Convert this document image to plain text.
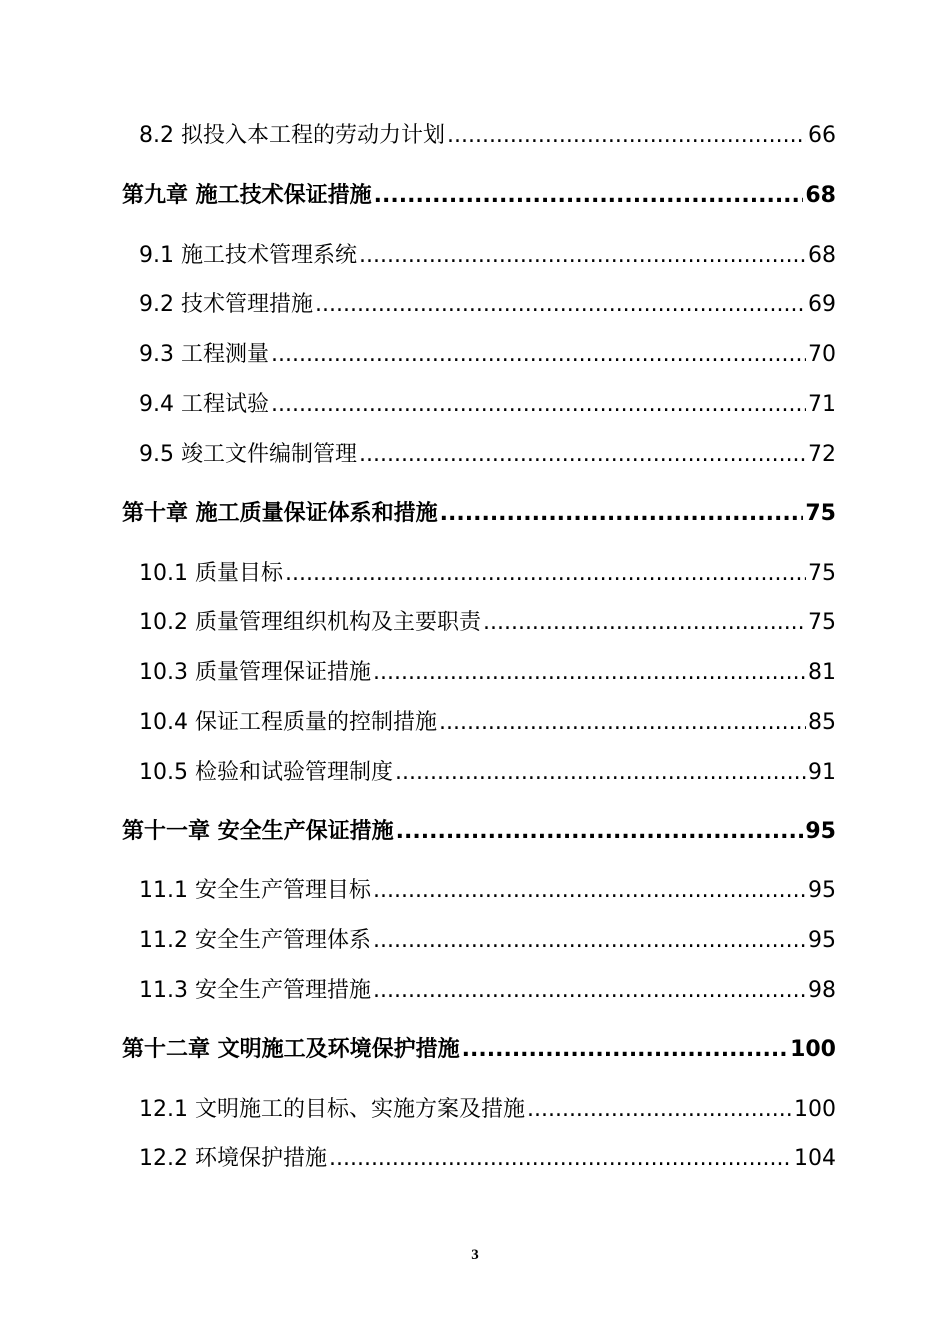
8.2 拟投入本工程的劳动力计划 .....	66
第九章 施工技术保证措施 .....	68
9.1 施工技术管理系统 .....	68
9.2 技术管理措施 .....	69
9.3 工程测量 .....	70
9.4 工程试验 .....	71
9.5 竣工文件编制管理 .....	72
第十章 施工质量保证体系和措施 .....	75
10.1 质量目标 .....	75
10.2 质量管理组织机构及主要职责 .....	75
10.3 质量管理保证措施 .....	81
10.4 保证工程质量的控制措施 .....	85
10.5 检验和试验管理制度 .....	91
第十一章 安全生产保证措施 .....	95
11.1 安全生产管理目标 .....	95
11.2 安全生产管理体系 .....	95
11.3 安全生产管理措施 .....	98
第十二章 文明施工及环境保护措施 .....	100
12.1 文明施工的目标、实施方案及措施 .....	100
12.2 环境保护措施 .....	104
3
